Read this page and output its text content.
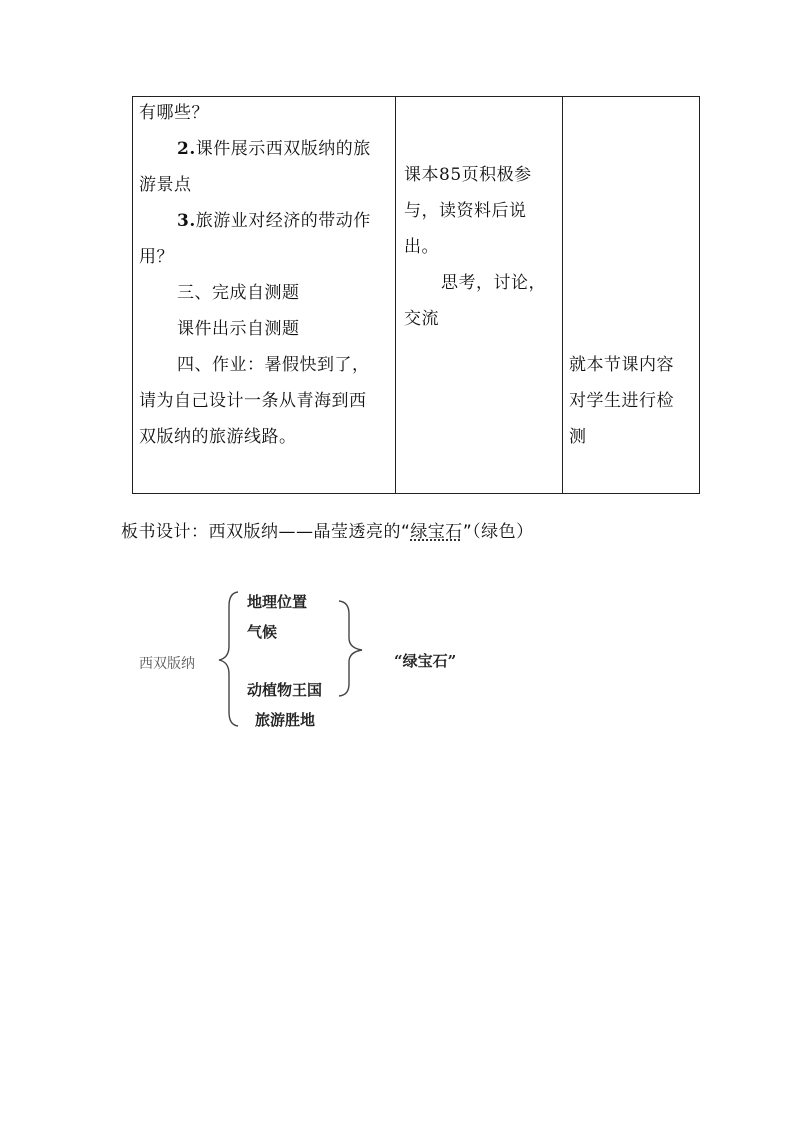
有哪些？
2.课件展示西双版纳的旅
游景点
3.旅游业对经济的带动作
用？
三、完成自测题
课件出示自测题
四、作业：暑假快到了，
请为自己设计一条从青海到西
双版纳的旅游线路。
课本85页积极参
与，读资料后说
出。
思考，讨论，
交流
就本节课内容
对学生进行检
测
板书设计：西双版纳——晶莹透亮的“绿宝石”（绿色）
西双版纳
地理位置
气候
动植物王国
旅游胜地
“绿宝石”
